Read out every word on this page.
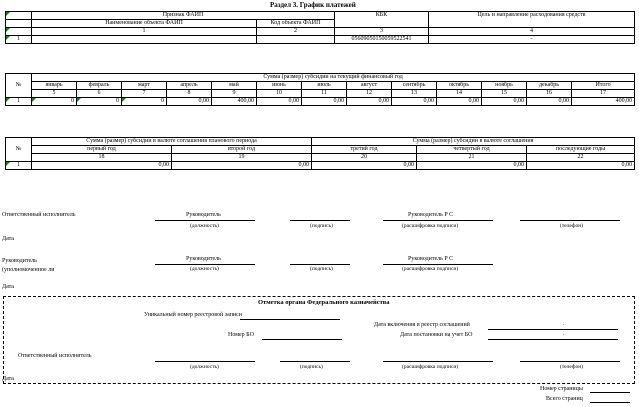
Раздел 3. График платежей
	Признак ФАИП		КБК	Цель и направление расходования средств
	Наименование объекта ФАИП	Код объекта ФАИП		
	1	2	3	4
1			05609050150059522541	-
№	Сумма (размер) субсидии на текущий финансовый год												
	январь	февраль	март	апрель	май	июнь	июль	август	сентябрь	октябрь	ноябрь	декабрь	Итого
	5	6	7	8	9	10	11	12	13	14	15	16	17
1	0	0	0	0,00	400,00	0,00	0,00	0,00	0,00	0,00	0,00	0,00	400,00
№	Сумма (размер) субсидии в валюте соглашения планового периода		Сумма (размер) субсидии в валюте соглашения		
	первый год	второй год	третий год	четвертый год	последующие годы
	18	19	20	21	22
1	0,00	0,00	0,00	0,00	0,00
Ответственный исполнитель	Руководитель	Руководитель Р С
(должность)	(подпись)	(расшифровка подписи)	(телефон)
Дата
Руководитель
(уполномоченное ли
Руководитель	Руководитель Р С
(должность)	(подпись)	(расшифровка подписи)
Дата
Отметка органа Федерального казначейства
Уникальный номер реестровой записи
Дата включения в реестр соглашений	.
Номер БО	Дата постановки на учет БО	.
Ответственный исполнитель
(должность)	(подпись)	(расшифровка подписи)	(телефон)
Дата
Номер страницы
Всего страниц
